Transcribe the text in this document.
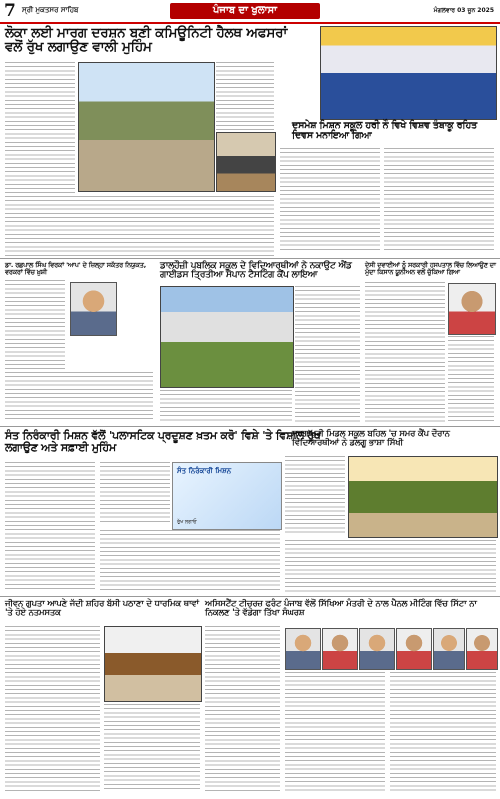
7 ਸ੍ਰੀ ਮੁਕਤਸਰ ਸਾਹਿਬ	ਪੰਜਾਬ ਦਾ ਖੁਲਾਸਾ	ਮੰਗਲਵਾਰ 03 ਜੂਨ 2025
ਲੋਕਾ ਲਈ ਮਾਰਗ ਦਰਸ਼ਨ ਬਣੀ ਕਮਿਊਨਿਟੀ ਹੈਲਥ ਅਫਸਰਾਂ ਵਲੋਂ ਰੁੱਖ ਲਗਾਉਣ ਵਾਲੀ ਮੁਹਿੰਮ
ਦਸਮੇਸ਼ ਮਿਸ਼ਨ ਸਕੂਲ ਹਰੀ ਨੌ ਵਿਖੇ ਵਿਸ਼ਵ ਤੰਬਾਕੂ ਰਹਿਤ ਦਿਵਸ ਮਨਾਇਆ ਗਿਆ
ਡਾ. ਰਛਪਾਲ ਸਿੰਘ ਵਿਰਕਾਂ 'ਆਪ' ਦੇ ਜ਼ਿਲ੍ਹਾ ਸਕੱਤਰ ਨਿਯੁਕਤ, ਵਰਕਰਾਂ ਵਿੱਚ ਖ਼ੁਸ਼ੀ
ਡਾਲਹੌਜ਼ੀ ਪਬਲਿਕ ਸਕੂਲ ਦੇ ਵਿਦਿਆਰਥੀਆਂ ਨੇ ਨਕਾਉਟ ਐਂਡ ਗਾਈਡਸ ਤ੍ਰਿਤੀਆ ਸੋਪਾਨ ਟੈਸਟਿੰਗ ਕੈਂਪ ਲਾਇਆ
ਦੇਸੀ ਦਵਾਈਆਂ ਨੂੰ ਸਰਕਾਰੀ ਹਸਪਤਾਲ ਵਿੱਚ ਲਿਆਉਣ ਦਾ ਮੁੱਦਾ ਕਿਸਾਨ ਯੂਨੀਅਨ ਵਲੋਂ ਚੁੱਕਿਆ ਗਿਆ
ਸੰਤ ਨਿਰੰਕਾਰੀ ਮਿਸ਼ਨ ਵੱਲੋਂ 'ਪਲਾਸਟਿਕ ਪ੍ਰਦੂਸ਼ਣ ਖ਼ਤਮ ਕਰੋ' ਵਿਸ਼ੇ 'ਤੇ ਵਿਸ਼ਾਲ ਰੁੱਖ ਲਗਾਉਣ ਅਤੇ ਸਫ਼ਾਈ ਮੁਹਿੰਮ
ਸੰਤ ਨਿਰੰਕਾਰੀ ਮਿਸ਼ਨ
ਰੁੱਖ ਲਗਾਓ
ਸੁਰਗਾਪੁਰੀ ਮਿਡਲ ਸਕੂਲ ਬਹਿਲ 'ਚ ਸਮਰ ਕੈਂਪ ਦੌਰਾਨ ਵਿਦਿਆਰਥੀਆਂ ਨੇ ਡਲਗੂ ਭਾਸ਼ਾ ਸਿੱਖੀ
ਜੀਵਨ ਗੁਪਤਾ ਆਪਣੇ ਜੱਦੀ ਸ਼ਹਿਰ ਬੱਸੀ ਪਠਾਣਾ ਦੇ ਧਾਰਮਿਕ ਥਾਵਾਂ 'ਤੇ ਹੋਏ ਨਤਮਸਤਕ
ਅਸਿਸਟੈਂਟ ਟੀਚਰਜ਼ ਫਰੰਟ ਪੰਜਾਬ ਵੱਲੋਂ ਸਿੱਖਿਆ ਮੰਤਰੀ ਦੇ ਨਾਲ ਪੈਨਲ ਮੀਟਿੰਗ ਵਿੱਚ ਸਿੱਟਾ ਨਾ ਨਿਕਲਣ 'ਤੇ ਵੱਡੇਗਾ ਤਿੱਖਾ ਸੰਘਰਸ਼
